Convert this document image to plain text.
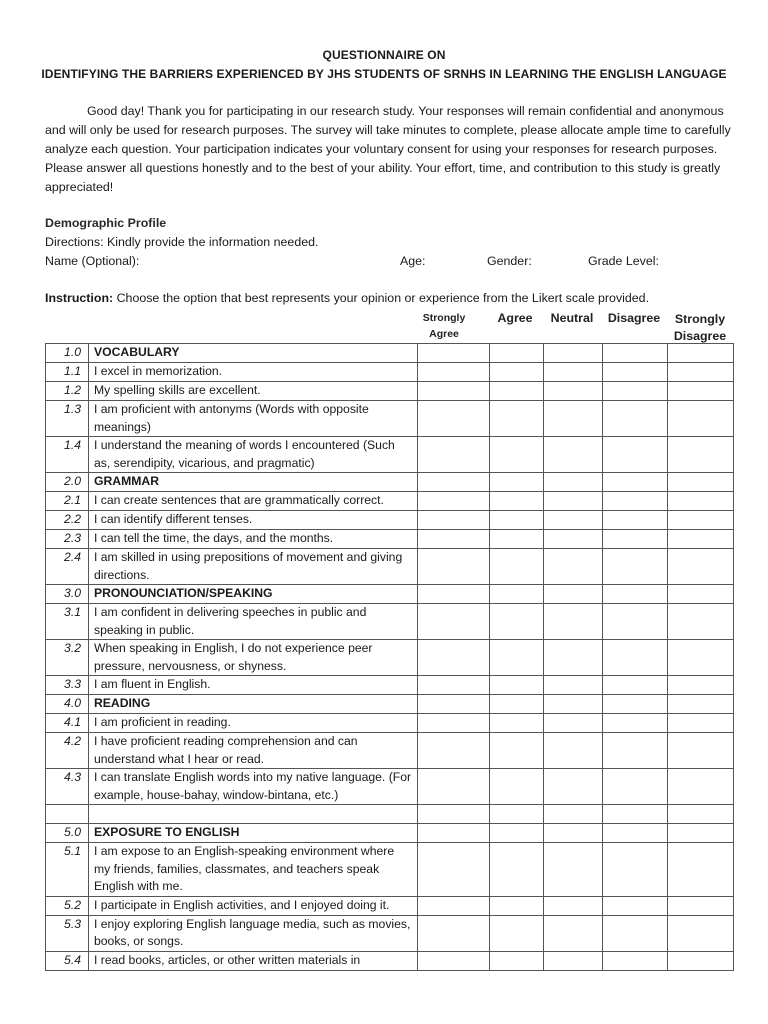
QUESTIONNAIRE ON
IDENTIFYING THE BARRIERS EXPERIENCED BY JHS STUDENTS OF SRNHS IN LEARNING THE ENGLISH LANGUAGE
Good day! Thank you for participating in our research study. Your responses will remain confidential and anonymous and will only be used for research purposes. The survey will take minutes to complete, please allocate ample time to carefully analyze each question. Your participation indicates your voluntary consent for using your responses for research purposes. Please answer all questions honestly and to the best of your ability. Your effort, time, and contribution to this study is greatly appreciated!
Demographic Profile
Directions: Kindly provide the information needed.
Name (Optional):	Age:	Gender:	Grade Level:
Instruction: Choose the option that best represents your opinion or experience from the Likert scale provided.
Strongly
Agree
Agree	Neutral	Disagree	Strongly
Disagree
1.0	VOCABULARY					
1.1	I excel in memorization.					
1.2	My spelling skills are excellent.					
1.3	I am proficient with antonyms (Words with opposite meanings)					
1.4	I understand the meaning of words I encountered (Such as, serendipity, vicarious, and pragmatic)					
2.0	GRAMMAR					
2.1	I can create sentences that are grammatically correct.					
2.2	I can identify different tenses.					
2.3	I can tell the time, the days, and the months.					
2.4	I am skilled in using prepositions of movement and giving directions.					
3.0	PRONOUNCIATION/SPEAKING					
3.1	I am confident in delivering speeches in public and speaking in public.					
3.2	When speaking in English, I do not experience peer pressure, nervousness, or shyness.					
3.3	I am fluent in English.					
4.0	READING					
4.1	I am proficient in reading.					
4.2	I have proficient reading comprehension and can understand what I hear or read.					
4.3	I can translate English words into my native language. (For example, house-bahay, window-bintana, etc.)					

5.0	EXPOSURE TO ENGLISH					
5.1	I am expose to an English-speaking environment where my friends, families, classmates, and teachers speak English with me.					
5.2	I participate in English activities, and I enjoyed doing it.					
5.3	I enjoy exploring English language media, such as movies, books, or songs.					
5.4	I read books, articles, or other written materials in					
